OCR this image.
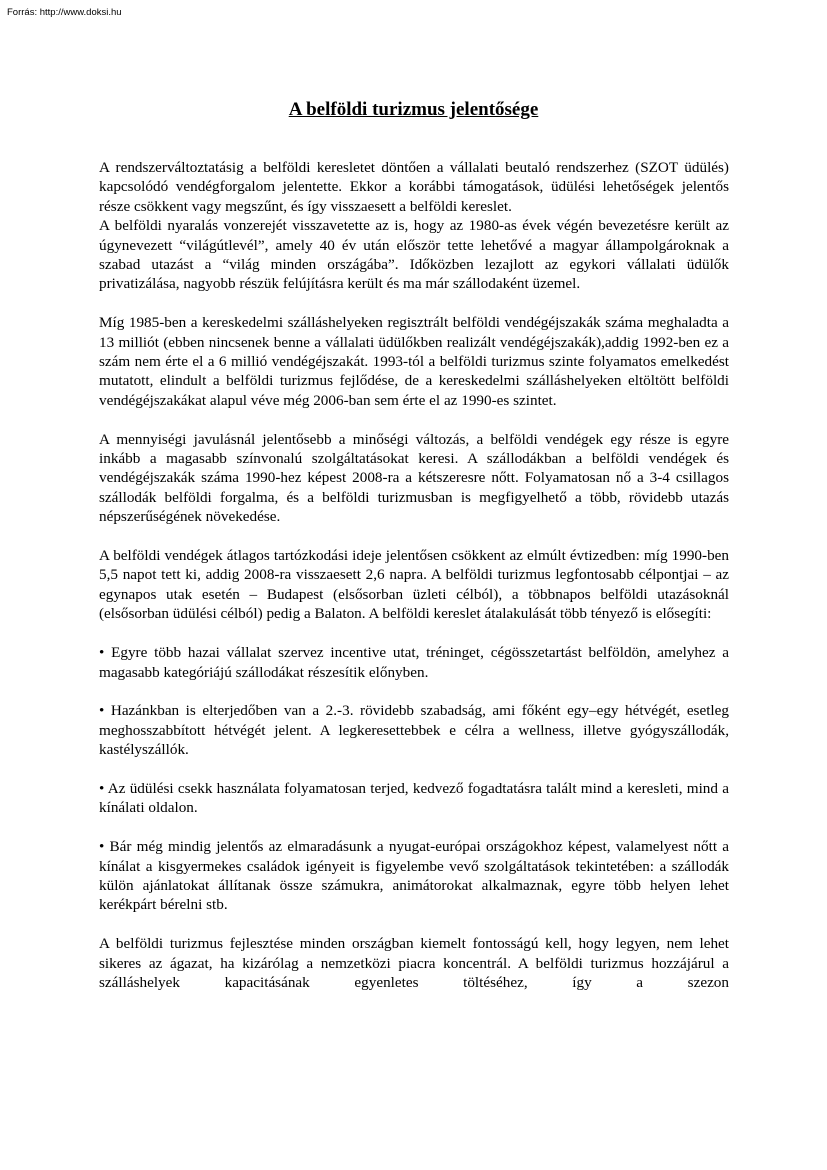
Forrás: http://www.doksi.hu
A belföldi turizmus jelentősége

A rendszerváltoztatásig a belföldi keresletet döntően a vállalati beutaló rendszerhez (SZOT üdülés) kapcsolódó vendégforgalom jelentette. Ekkor a korábbi támogatások, üdülési lehetőségek jelentős része csökkent vagy megszűnt, és így visszaesett a belföldi kereslet.

A belföldi nyaralás vonzerejét visszavetette az is, hogy az 1980-as évek végén bevezetésre került az úgynevezett “világútlevél”, amely 40 év után először tette lehetővé a magyar állampolgároknak a szabad utazást a “világ minden országába”. Időközben lezajlott az egykori vállalati üdülők privatizálása, nagyobb részük felújításra került és ma már szállodaként üzemel.

Míg 1985-ben a kereskedelmi szálláshelyeken regisztrált belföldi vendégéjszakák száma meghaladta a 13 milliót (ebben nincsenek benne a vállalati üdülőkben realizált vendégéjszakák),addig 1992-ben ez a szám nem érte el a 6 millió vendégéjszakát. 1993-tól a belföldi turizmus szinte folyamatos emelkedést mutatott, elindult a belföldi turizmus fejlődése, de a kereskedelmi szálláshelyeken eltöltött belföldi vendégéjszakákat alapul véve még 2006-ban sem érte el az 1990-es szintet.

A mennyiségi javulásnál jelentősebb a minőségi változás, a belföldi vendégek egy része is egyre inkább a magasabb színvonalú szolgáltatásokat keresi. A szállodákban a belföldi vendégek és vendégéjszakák száma 1990-hez képest 2008-ra a kétszeresre nőtt. Folyamatosan nő a 3-4 csillagos szállodák belföldi forgalma, és a belföldi turizmusban is megfigyelhető a több, rövidebb utazás népszerűségének növekedése.

A belföldi vendégek átlagos tartózkodási ideje jelentősen csökkent az elmúlt évtizedben: míg 1990-ben 5,5 napot tett ki, addig 2008-ra visszaesett 2,6 napra. A belföldi turizmus legfontosabb célpontjai – az egynapos utak esetén – Budapest (elsősorban üzleti célból), a többnapos belföldi utazásoknál (elsősorban üdülési célból) pedig a Balaton. A belföldi kereslet átalakulását több tényező is elősegíti:

• Egyre több hazai vállalat szervez incentive utat, tréninget, cégösszetartást belföldön, amelyhez a magasabb kategóriájú szállodákat részesítik előnyben.

• Hazánkban is elterjedőben van a 2.-3. rövidebb szabadság, ami főként egy–egy hétvégét, esetleg meghosszabbított hétvégét jelent. A legkeresettebbek e célra a wellness, illetve gyógyszállodák, kastélyszállók.

• Az üdülési csekk használata folyamatosan terjed, kedvező fogadtatásra talált mind a keresleti, mind a kínálati oldalon.

• Bár még mindig jelentős az elmaradásunk a nyugat-európai országokhoz képest, valamelyest nőtt a kínálat a kisgyermekes családok igényeit is figyelembe vevő szolgáltatások tekintetében: a szállodák külön ajánlatokat állítanak össze számukra, animátorokat alkalmaznak, egyre több helyen lehet kerékpárt bérelni stb.

A belföldi turizmus fejlesztése minden országban kiemelt fontosságú kell, hogy legyen, nem lehet sikeres az ágazat, ha kizárólag a nemzetközi piacra koncentrál. A belföldi turizmus hozzájárul a szálláshelyek kapacitásának egyenletes töltéséhez, így a szezon
